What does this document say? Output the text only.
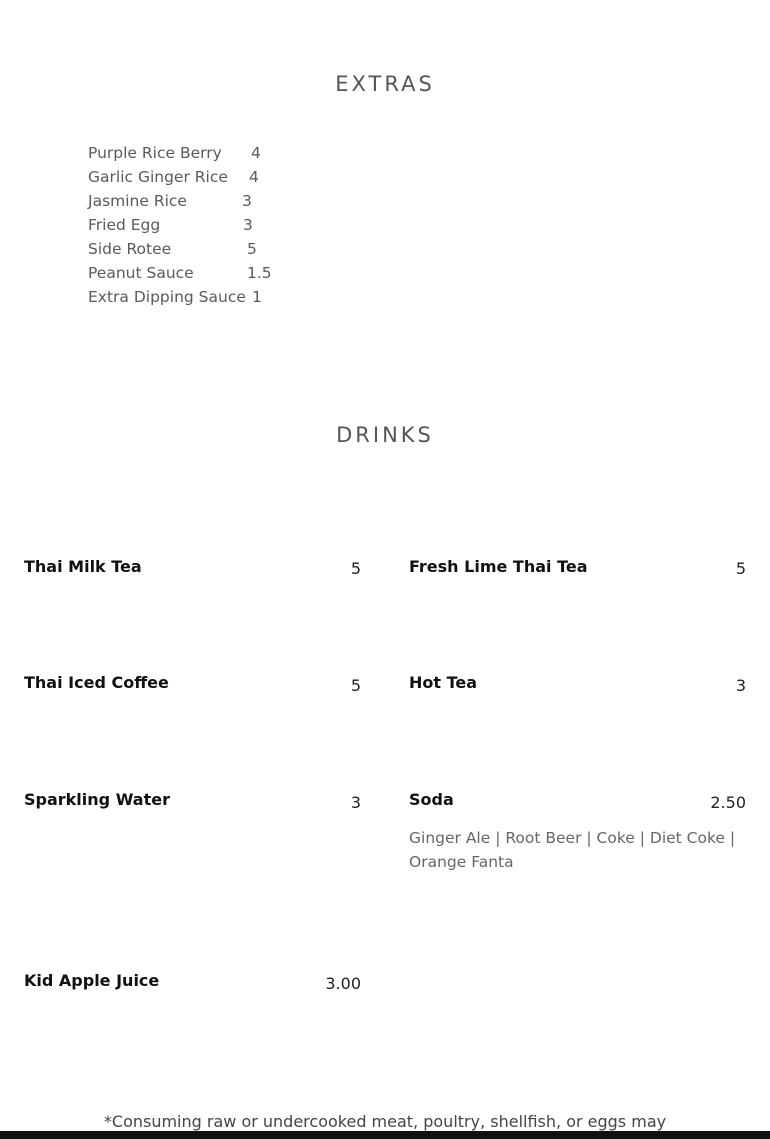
EXTRAS
Purple Rice Berry 4
Garlic Ginger Rice 4
Jasmine Rice	3
Fried Egg	3
Side Rotee	5
Peanut Sauce	1.5
Extra Dipping Sauce 1
DRINKS
Thai Milk Tea	5	Fresh Lime Thai Tea	5
Thai Iced Coffee	5	Hot Tea	3
Sparkling Water	3	Soda	2.50
Ginger Ale | Root Beer | Coke | Diet Coke | Orange Fanta
Kid Apple Juice	3.00
*Consuming raw or undercooked meat, poultry, shellfish, or eggs may
